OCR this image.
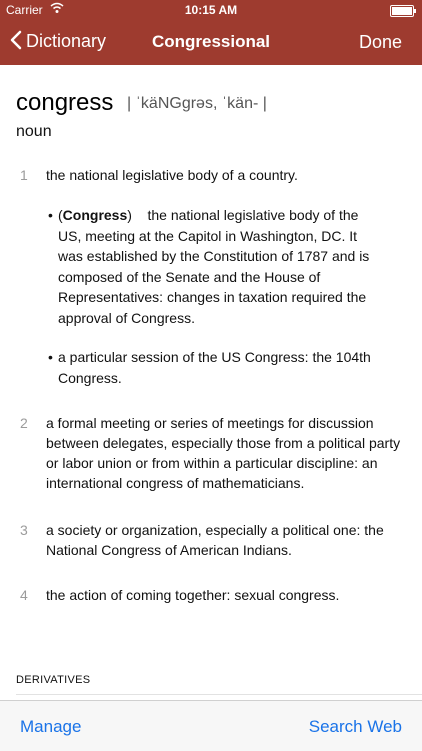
Carrier	10:15 AM
Dictionary	Congressional	Done
congress | ˈkäNGgrəs, ˈkän- |
noun
1 the national legislative body of a country.
• (Congress)    the national legislative body of the US, meeting at the Capitol in Washington, DC. It was established by the Constitution of 1787 and is composed of the Senate and the House of Representatives: changes in taxation required the approval of Congress.
• a particular session of the US Congress: the 104th Congress.
2 a formal meeting or series of meetings for discussion between delegates, especially those from a political party or labor union or from within a particular discipline: an international congress of mathematicians.
3 a society or organization, especially a political one: the National Congress of American Indians.
4 the action of coming together: sexual congress.
DERIVATIVES
Manage	Search Web
